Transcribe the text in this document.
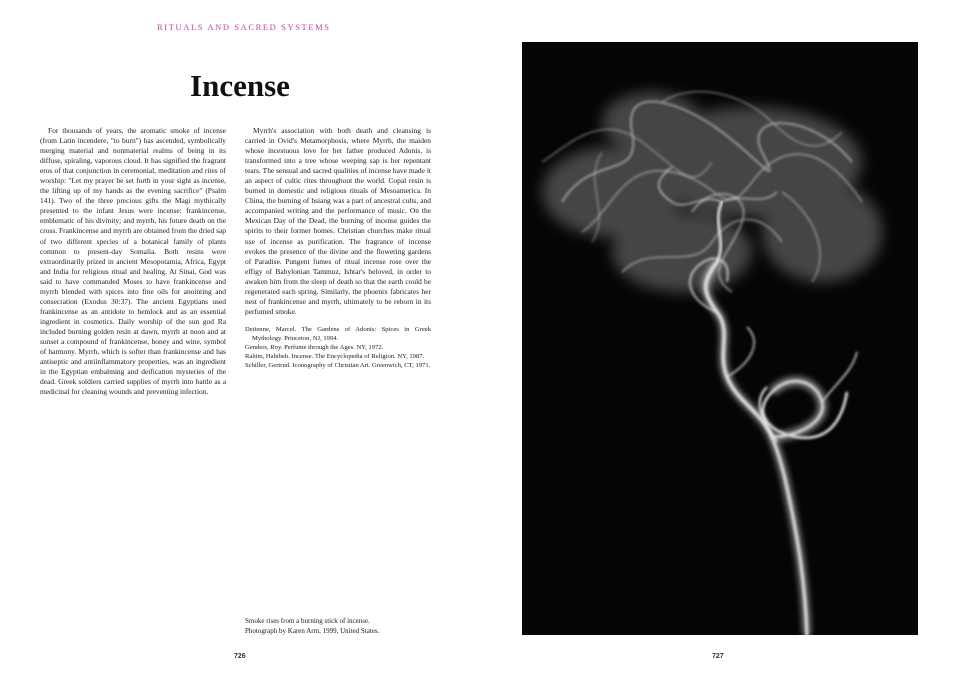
RITUALS AND SACRED SYSTEMS
Incense

For thousands of years, the aromatic smoke of incense (from Latin incendere, "to burn") has ascended, symbolically merging material and nonmaterial realms of being in its diffuse, spiraling, vaporous cloud. It has signified the fragrant eros of that conjunction in ceremonial, meditation and rites of worship: "Let my prayer be set forth in your sight as incense, the lifting up of my hands as the evening sacrifice" (Psalm 141). Two of the three precious gifts the Magi mythically presented to the infant Jesus were incense: frankincense, emblematic of his divinity; and myrrh, his future death on the cross. Frankincense and myrrh are obtained from the dried sap of two different species of a botanical family of plants common to present-day Somalia. Both resins were extraordinarily prized in ancient Mesopotamia, Africa, Egypt and India for religious ritual and healing. At Sinai, God was said to have commanded Moses to have frankincense and myrrh blended with spices into fine oils for anointing and consecration (Exodus 30:37). The ancient Egyptians used frankincense as an antidote to hemlock and as an essential ingredient in cosmetics. Daily worship of the sun god Ra included burning golden resin at dawn, myrrh at noon and at sunset a compound of frankincense, honey and wine, symbol of harmony. Myrrh, which is softer than frankincense and has antiseptic and antiinflammatory properties, was an ingredient in the Egyptian embalming and deification mysteries of the dead. Greek soldiers carried supplies of myrrh into battle as a medicinal for cleaning wounds and preventing infection.

Myrrh's association with both death and cleansing is carried in Ovid's Metamorphosis, where Myrrh, the maiden whose incestuous love for her father produced Adonis, is transformed into a tree whose weeping sap is her repentant tears. The sensual and sacred qualities of incense have made it an aspect of cultic rites throughout the world. Copal resin is burned in domestic and religious rituals of Mesoamerica. In China, the burning of hsiang was a part of ancestral cults, and accompanied writing and the performance of music. On the Mexican Day of the Dead, the burning of incense guides the spirits to their former homes. Christian churches make ritual use of incense as purification. The fragrance of incense evokes the presence of the divine and the flowering gardens of Paradise. Pungent fumes of ritual incense rose over the effigy of Babylonian Tammuz, Ishtar's beloved, in order to awaken him from the sleep of death so that the earth could be regenerated each spring. Similarly, the phoenix fabricates her nest of frankincense and myrrh, ultimately to be reborn in its perfumed smoke.

Detienne, Marcel. The Gardens of Adonis: Spices in Greek Mythology. Princeton, NJ, 1994.
Genders, Roy. Perfume through the Ages. NY, 1972.
Rahim, Habibeh. Incense. The Encyclopedia of Religion. NY, 1987.
Schiller, Gertrud. Iconography of Christian Art. Greenwich, CT, 1971.
Smoke rises from a burning stick of incense.
Photograph by Karen Arm, 1999, United States.
726	727
